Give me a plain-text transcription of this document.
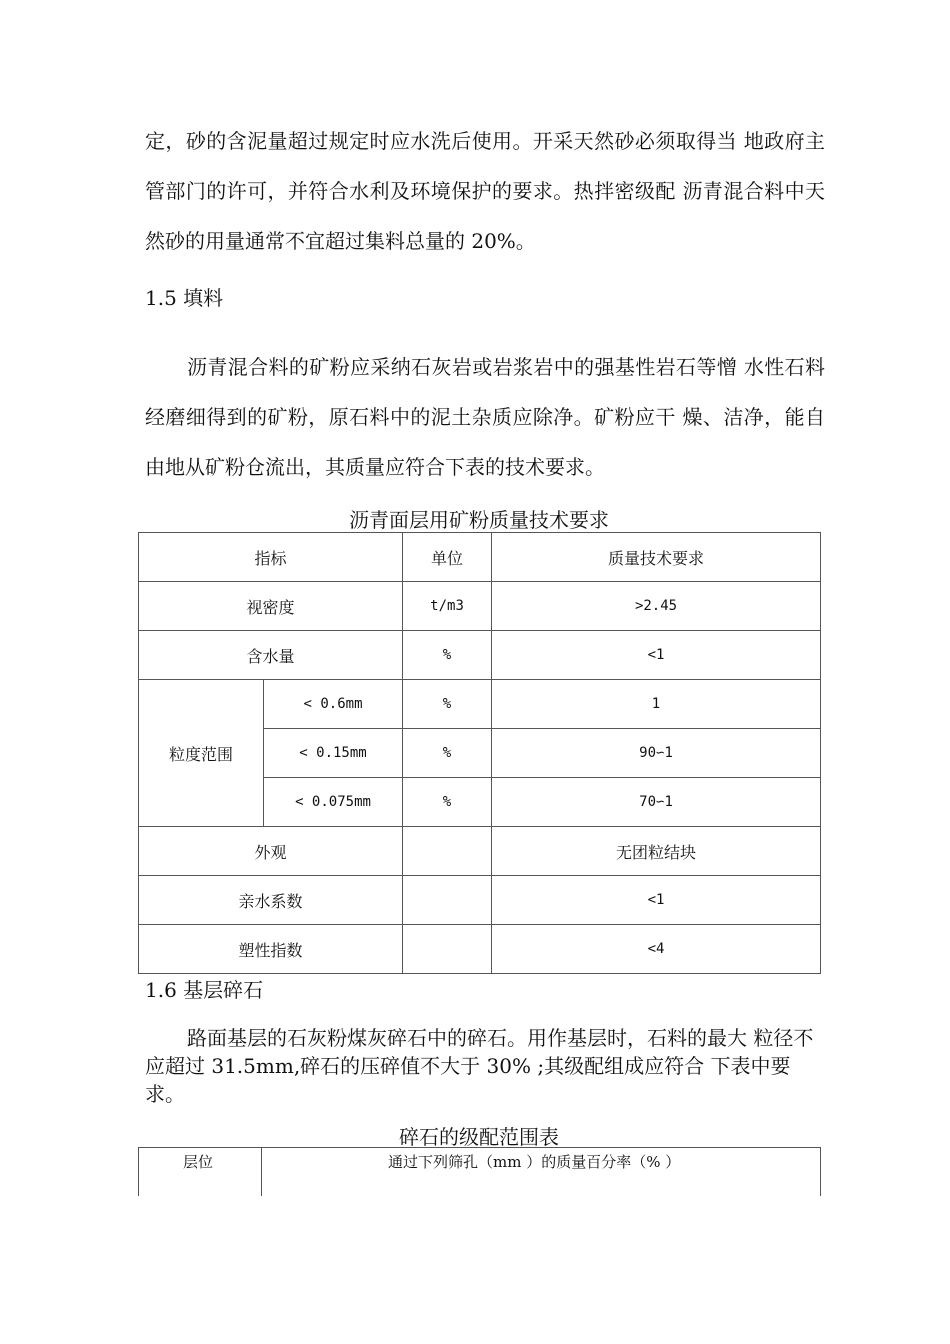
定，砂的含泥量超过规定时应水洗后使用。开采天然砂必须取得当 地政府主管部门的许可，并符合水利及环境保护的要求。热拌密级配 沥青混合料中天然砂的用量通常不宜超过集料总量的 20%。

1.5 填料

沥青混合料的矿粉应采纳石灰岩或岩浆岩中的强基性岩石等憎 水性石料经磨细得到的矿粉，原石料中的泥土杂质应除净。矿粉应干 燥、洁净，能自由地从矿粉仓流出，其质量应符合下表的技术要求。

沥青面层用矿粉质量技术要求

指标		单位	质量技术要求
视密度		t/m3	>2.45
含水量		%	<1
粒度范围	< 0.6mm	%	1
	< 0.15mm	%	90∽1
	< 0.075mm	%	70∽1
外观			无团粒结块
亲水系数			<1
塑性指数			<4

1.6 基层碎石

路面基层的石灰粉煤灰碎石中的碎石。用作基层时，石料的最大 粒径不应超过 31.5mm,碎石的压碎值不大于 30% ;其级配组成应符合 下表中要求。

碎石的级配范围表

层位	通过下列筛孔（mm ）的质量百分率（% ）
